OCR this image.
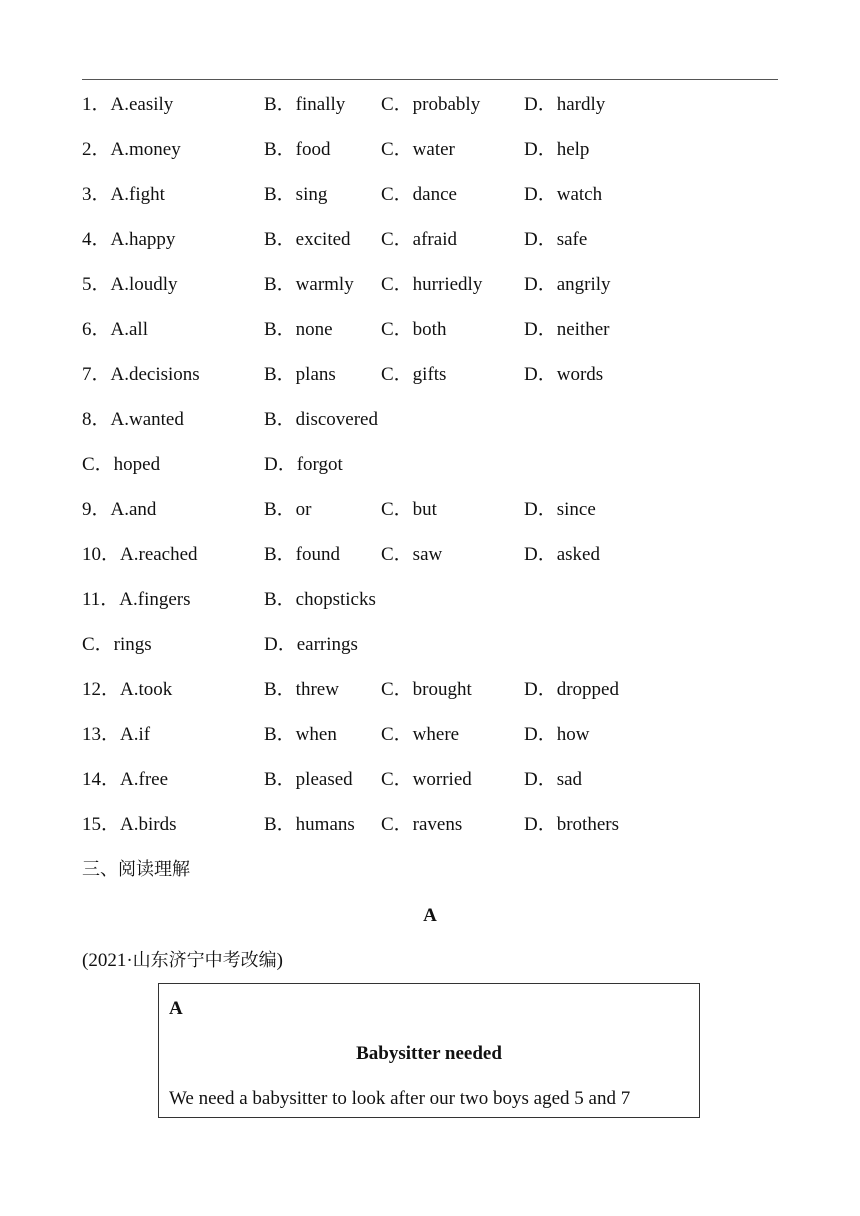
1．A.easily	B．finally C．probably D．hardly
2．A.money	B．food	C．water	D．help
3．A.fight	B．sing	C．dance	D．watch
4．A.happy	B．excited C．afraid	D．safe
5．A.loudly	B．warmly C．hurriedly D．angrily
6．A.all	B．none	C．both	D．neither
7．A.decisions	B．plans C．gifts	D．words
8．A.wanted	B．discovered
C．hoped	D．forgot
9．A.and	B．or	C．but	D．since
10．A.reached	B．found C．saw	D．asked
11．A.fingers	B．chopsticks
C．rings	D．earrings
12．A.took	B．threw C．brought	D．dropped
13．A.if	B．when C．where	D．how
14．A.free	B．pleased C．worried	D．sad
15．A.birds	B．humans C．ravens	D．brothers
三、阅读理解
A
(2021·山东济宁中考改编)
A
Babysitter needed
We need a babysitter to look after our two boys aged 5 and 7
